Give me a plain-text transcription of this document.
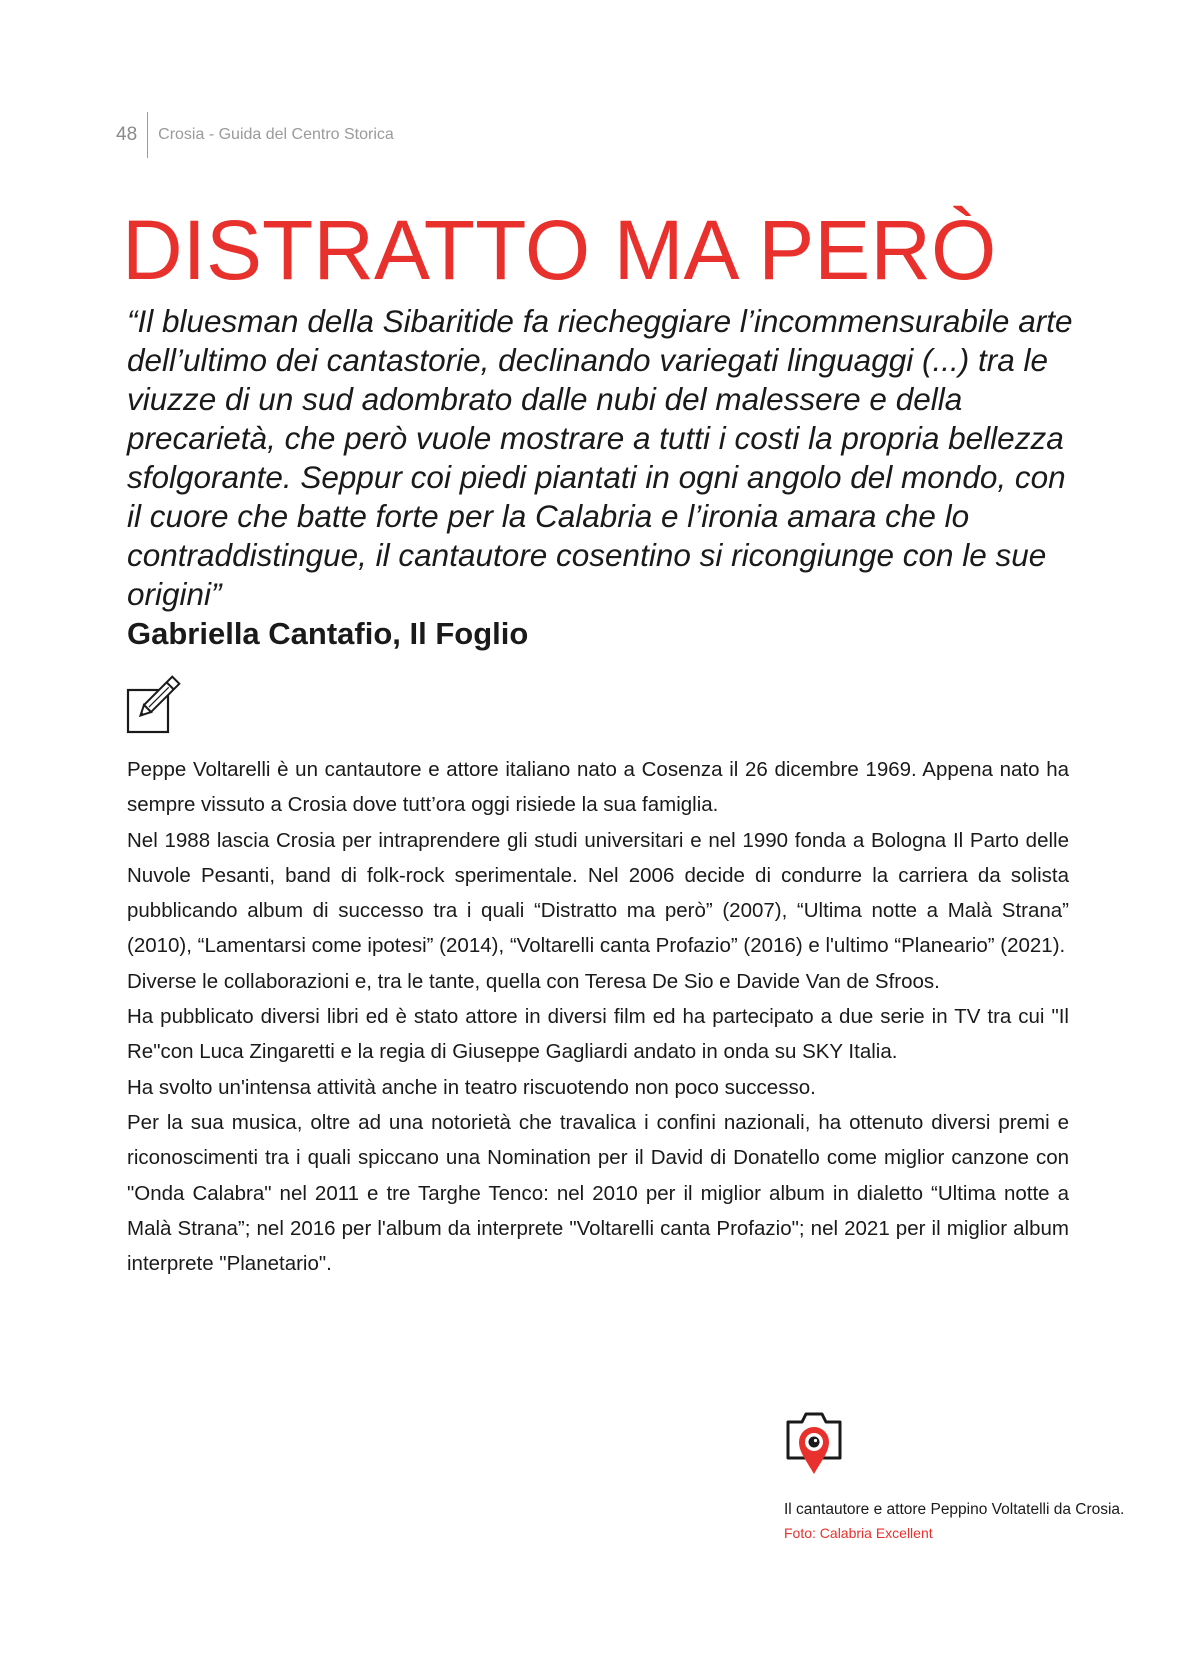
48	Crosia - Guida del Centro Storica
DISTRATTO MA PERÒ
“Il bluesman della Sibaritide fa riecheggiare l’incommensurabile arte dell’ultimo dei cantastorie, declinando variegati linguaggi (...) tra le viuzze di un sud adombrato dalle nubi del malessere e della precarietà, che però vuole mostrare a tutti i costi la propria bellezza sfolgorante. Seppur coi piedi piantati in ogni angolo del mondo, con il cuore che batte forte per la Calabria e l’ironia amara che lo contraddistingue, il cantautore cosentino si ricongiunge con le sue origini”
Gabriella Cantafio, Il Foglio

Peppe Voltarelli è un cantautore e attore italiano nato a Cosenza il 26 dicembre 1969. Appena nato ha sempre vissuto a Crosia dove tutt’ora oggi risiede la sua famiglia.

Nel 1988 lascia Crosia per intraprendere gli studi universitari e nel 1990 fonda a Bologna Il Parto delle Nuvole Pesanti, band di folk-rock sperimentale. Nel 2006 decide di condurre la carriera da solista pubblicando album di successo tra i quali “Distratto ma però” (2007), “Ultima notte a Malà Strana” (2010), “Lamentarsi come ipotesi” (2014), “Voltarelli canta Profazio” (2016) e l'ultimo “Planeario” (2021).

Diverse le collaborazioni e, tra le tante, quella con Teresa De Sio e Davide Van de Sfroos.

Ha pubblicato diversi libri ed è stato attore in diversi film ed ha partecipato a due serie in TV tra cui "Il Re"con Luca Zingaretti e la regia di Giuseppe Gagliardi andato in onda su SKY Italia.

Ha svolto un'intensa attività anche in teatro riscuotendo non poco successo.

Per la sua musica, oltre ad una notorietà che travalica i confini nazionali, ha ottenuto diversi premi e riconoscimenti tra i quali spiccano una Nomination per il David di Donatello come miglior canzone con "Onda Calabra" nel 2011 e tre Targhe Tenco: nel 2010 per il miglior album in dialetto “Ultima notte a Malà Strana”; nel 2016 per l'album da interprete "Voltarelli canta Profazio"; nel 2021 per il miglior album interprete "Planetario".

Il cantautore e attore Peppino Voltatelli da Crosia.
Foto: Calabria Excellent
